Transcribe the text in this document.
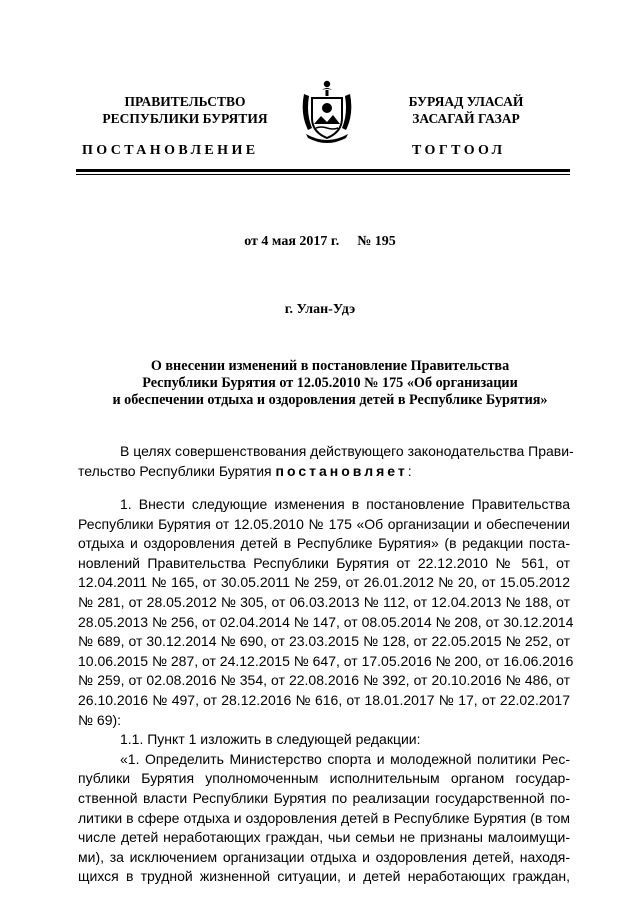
ПРАВИТЕЛЬСТВО
РЕСПУБЛИКИ БУРЯТИЯ
БУРЯАД УЛАСАЙ
ЗАСАГАЙ ГАЗАР
ПОСТАНОВЛЕНИЕ	ТОГТООЛ
от 4 мая 2017 г. № 195
г. Улан-Удэ
О внесении изменений в постановление Правительства
Республики Бурятия от 12.05.2010 № 175 «Об организации
и обеспечении отдыха и оздоровления детей в Республике Бурятия»
В целях совершенствования действующего законодательства Прави-
тельство Республики Бурятия постановляет:
1. Внести следующие изменения в постановление Правительства
Республики Бурятия от 12.05.2010 № 175 «Об организации и обеспечении
отдыха и оздоровления детей в Республике Бурятия» (в редакции поста-
новлений Правительства Республики Бурятия от 22.12.2010 № 561, от
12.04.2011 № 165, от 30.05.2011 № 259, от 26.01.2012 № 20, от 15.05.2012
№ 281, от 28.05.2012 № 305, от 06.03.2013 № 112, от 12.04.2013 № 188, от
28.05.2013 № 256, от 02.04.2014 № 147, от 08.05.2014 № 208, от 30.12.2014
№ 689, от 30.12.2014 № 690, от 23.03.2015 № 128, от 22.05.2015 № 252, от
10.06.2015 № 287, от 24.12.2015 № 647, от 17.05.2016 № 200, от 16.06.2016
№ 259, от 02.08.2016 № 354, от 22.08.2016 № 392, от 20.10.2016 № 486, от
26.10.2016 № 497, от 28.12.2016 № 616, от 18.01.2017 № 17, от 22.02.2017
№ 69):
1.1. Пункт 1 изложить в следующей редакции:
«1. Определить Министерство спорта и молодежной политики Рес-
публики Бурятия уполномоченным исполнительным органом государ-
ственной власти Республики Бурятия по реализации государственной по-
литики в сфере отдыха и оздоровления детей в Республике Бурятия (в том
числе детей неработающих граждан, чьи семьи не признаны малоимущи-
ми), за исключением организации отдыха и оздоровления детей, находя-
щихся в трудной жизненной ситуации, и детей неработающих граждан,
